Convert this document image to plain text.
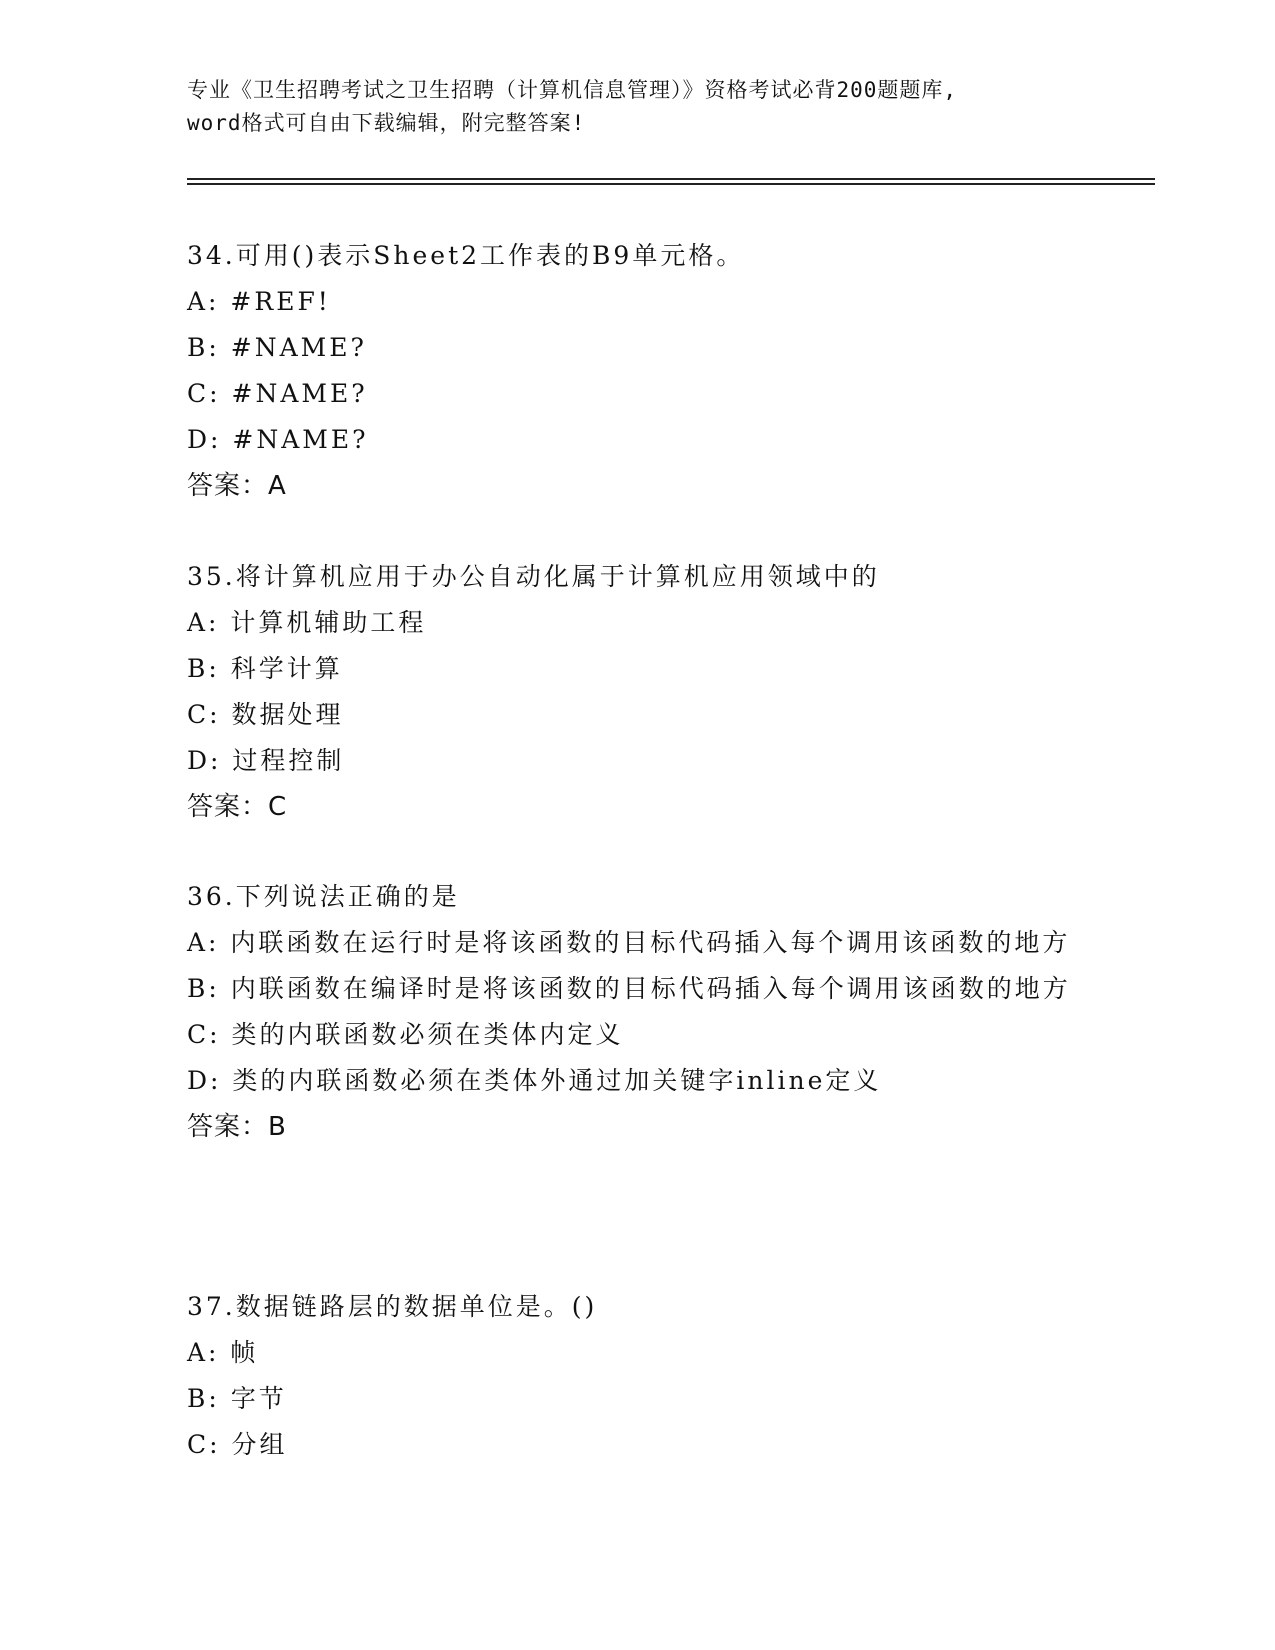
专业《卫生招聘考试之卫生招聘（计算机信息管理）》资格考试必背200题题库,
word格式可自由下载编辑，附完整答案!
34.可用()表示Sheet2工作表的B9单元格。
A: #REF!
B: #NAME?
C: #NAME?
D: #NAME?
答案：A
35.将计算机应用于办公自动化属于计算机应用领域中的
A: 计算机辅助工程
B: 科学计算
C: 数据处理
D: 过程控制
答案：C
36.下列说法正确的是
A: 内联函数在运行时是将该函数的目标代码插入每个调用该函数的地方
B: 内联函数在编译时是将该函数的目标代码插入每个调用该函数的地方
C: 类的内联函数必须在类体内定义
D: 类的内联函数必须在类体外通过加关键字inline定义
答案：B
37.数据链路层的数据单位是。()
A: 帧
B: 字节
C: 分组
